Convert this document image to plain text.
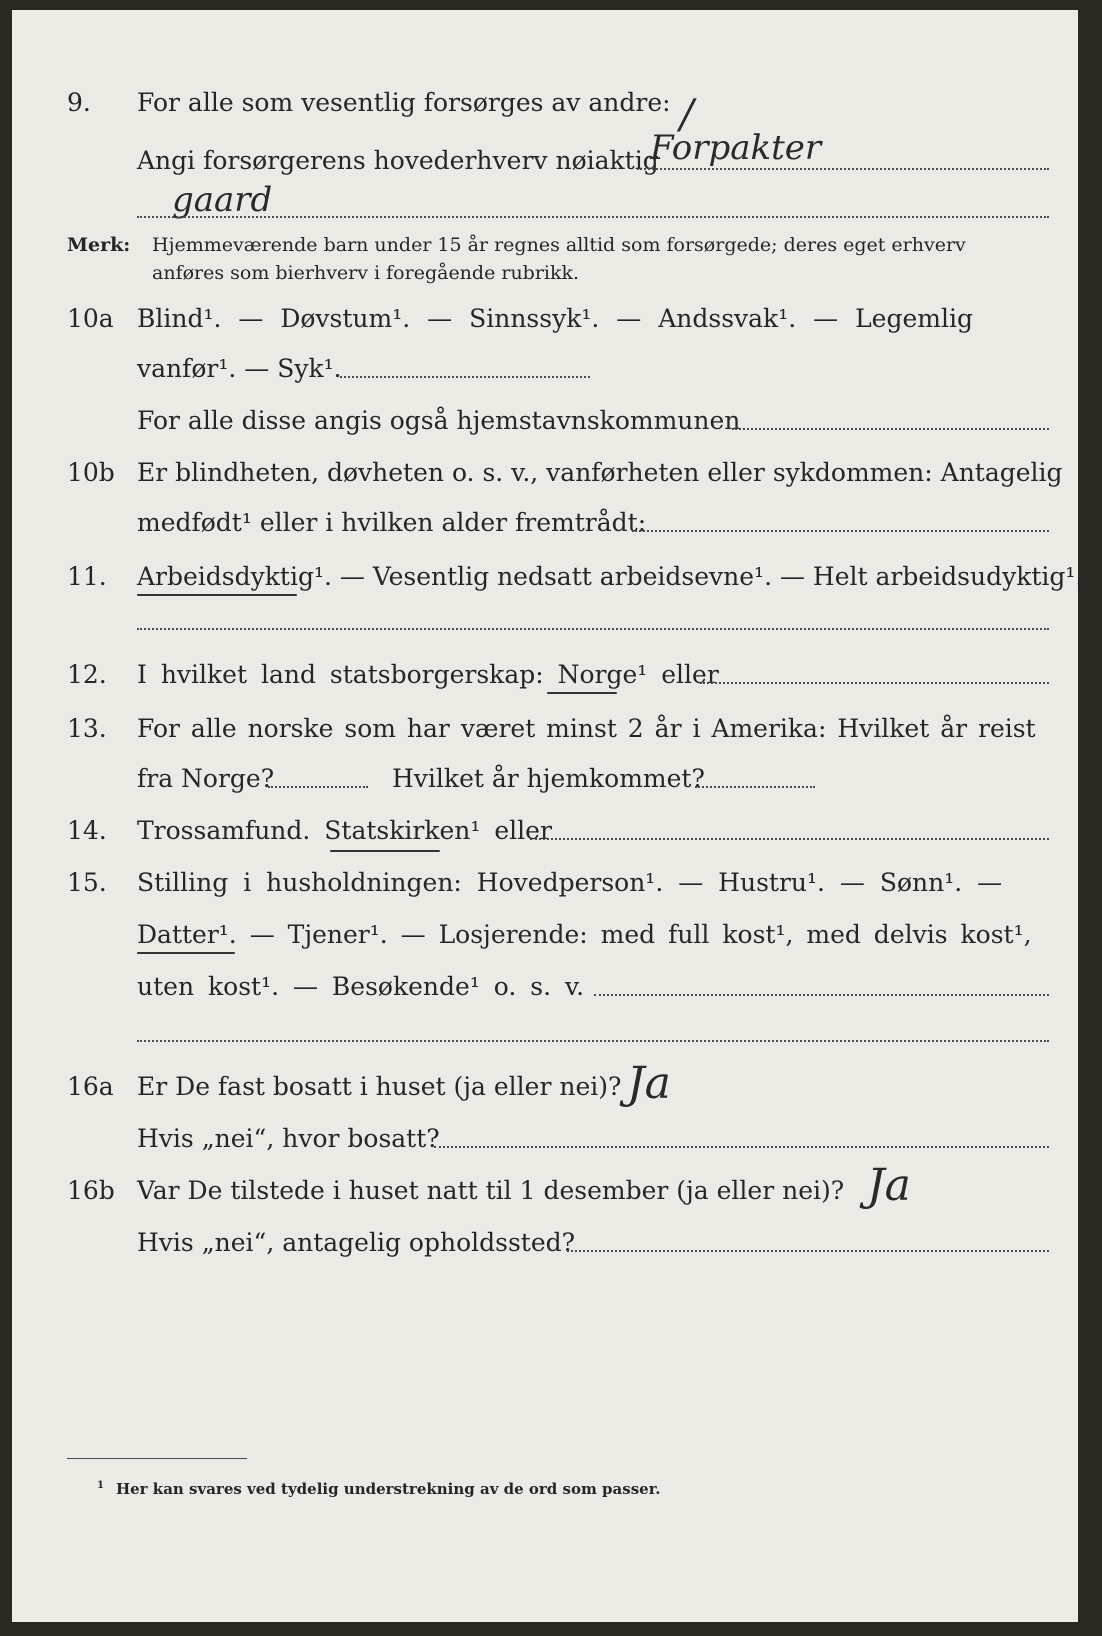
9. For alle som vesentlig forsørges av andre: /
Angi forsørgerens hovederhverv nøiaktig
Forpakter
gaard
Merk: Hjemmeværende barn under 15 år regnes alltid som forsørgede; deres eget erhverv
anføres som bierhverv i foregående rubrikk.
10a Blind¹. — Døvstum¹. — Sinnssyk¹. — Andssvak¹. — Legemlig
vanfør¹. — Syk¹.
For alle disse angis også hjemstavnskommunen
10b Er blindheten, døvheten o. s. v., vanførheten eller sykdommen: Antagelig
medfødt¹ eller i hvilken alder fremtrådt:
11. Arbeidsdyktig¹. — Vesentlig nedsatt arbeidsevne¹. — Helt arbeidsudyktig¹.
12. I hvilket land statsborgerskap: Norge¹ eller
13. For alle norske som har været minst 2 år i Amerika: Hvilket år reist
fra Norge?	Hvilket år hjemkommet?
14. Trossamfund. Statskirken¹ eller
15. Stilling i husholdningen: Hovedperson¹. — Hustru¹. — Sønn¹. —
Datter¹. — Tjener¹. — Losjerende: med full kost¹, med delvis kost¹,
uten kost¹. — Besøkende¹ o. s. v.
16a Er De fast bosatt i huset (ja eller nei)? Ja
Hvis „nei“, hvor bosatt?
16b Var De tilstede i huset natt til 1 desember (ja eller nei)? Ja
Hvis „nei“, antagelig opholdssted?
$^1$ Her kan svares ved tydelig understrekning av de ord som passer.
